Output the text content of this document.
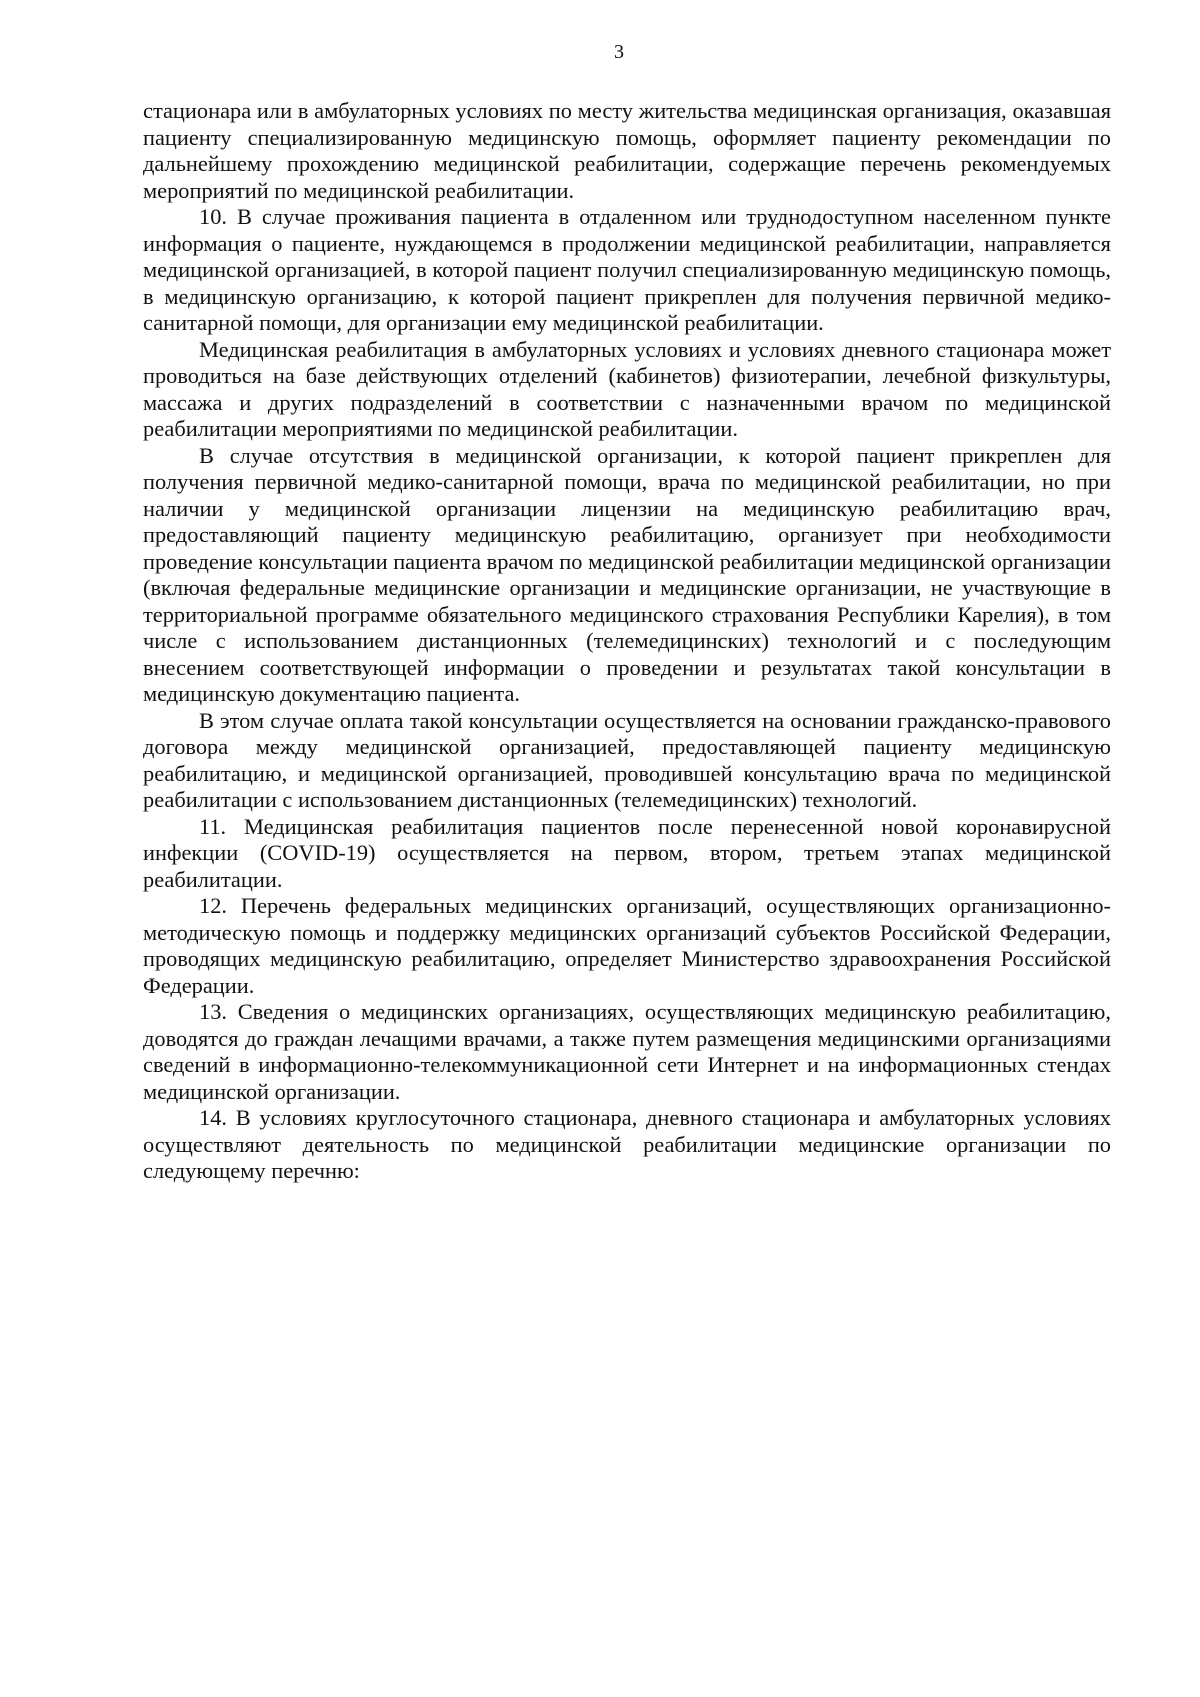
3

стационара или в амбулаторных условиях по месту жительства медицинская организация, оказавшая пациенту специализированную медицинскую помощь, оформляет пациенту рекомендации по дальнейшему прохождению медицинской реабилитации, содержащие перечень рекомендуемых мероприятий по медицинской реабилитации.

10. В случае проживания пациента в отдаленном или труднодоступном населенном пункте информация о пациенте, нуждающемся в продолжении медицинской реабилитации, направляется медицинской организацией, в которой пациент получил специализированную медицинскую помощь, в медицинскую организацию, к которой пациент прикреплен для получения первичной медико-санитарной помощи, для организации ему медицинской реабилитации.

Медицинская реабилитация в амбулаторных условиях и условиях дневного стационара может проводиться на базе действующих отделений (кабинетов) физиотерапии, лечебной физкультуры, массажа и других подразделений в соответствии с назначенными врачом по медицинской реабилитации мероприятиями по медицинской реабилитации.

В случае отсутствия в медицинской организации, к которой пациент прикреплен для получения первичной медико-санитарной помощи, врача по медицинской реабилитации, но при наличии у медицинской организации лицензии на медицинскую реабилитацию врач, предоставляющий пациенту медицинскую реабилитацию, организует при необходимости проведение консультации пациента врачом по медицинской реабилитации медицинской организации (включая федеральные медицинские организации и медицинские организации, не участвующие в территориальной программе обязательного медицинского страхования Республики Карелия), в том числе с использованием дистанционных (телемедицинских) технологий и с последующим внесением соответствующей информации о проведении и результатах такой консультации в медицинскую документацию пациента.

В этом случае оплата такой консультации осуществляется на основании гражданско-правового договора между медицинской организацией, предоставляющей пациенту медицинскую реабилитацию, и медицинской организацией, проводившей консультацию врача по медицинской реабилитации с использованием дистанционных (телемедицинских) технологий.

11. Медицинская реабилитация пациентов после перенесенной новой коронавирусной инфекции (COVID-19) осуществляется на первом, втором, третьем этапах медицинской реабилитации.

12. Перечень федеральных медицинских организаций, осуществляющих организационно-методическую помощь и поддержку медицинских организаций субъектов Российской Федерации, проводящих медицинскую реабилитацию, определяет Министерство здравоохранения Российской Федерации.

13. Сведения о медицинских организациях, осуществляющих медицинскую реабилитацию, доводятся до граждан лечащими врачами, а также путем размещения медицинскими организациями сведений в информационно-телекоммуникационной сети Интернет и на информационных стендах медицинской организации.

14. В условиях круглосуточного стационара, дневного стационара и амбулаторных условиях осуществляют деятельность по медицинской реабилитации медицинские организации по следующему перечню:
